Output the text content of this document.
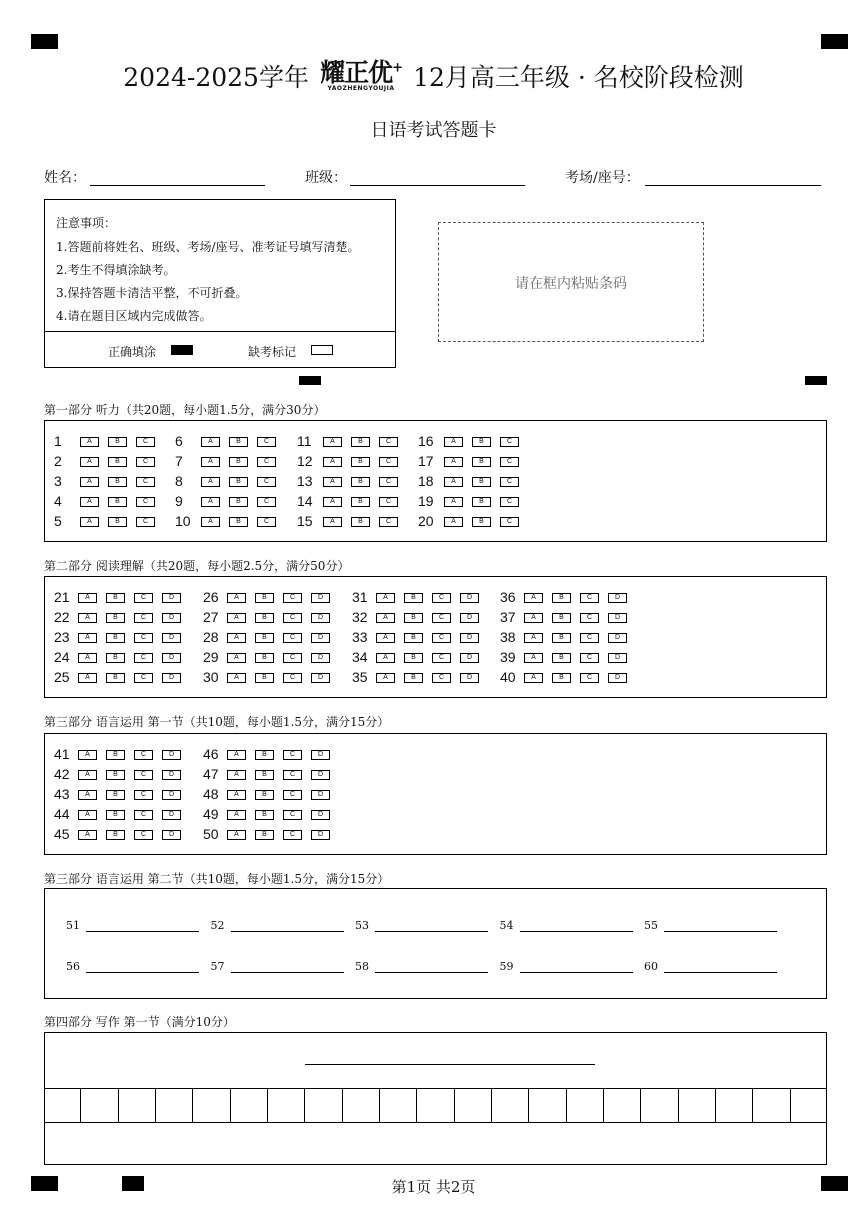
2024-2025学年 耀正优+
YAOZHENGYOUJIA 12月高三年级 · 名校阶段检测
日语考试答题卡
姓名：	班级：	考场/座号：
注意事项：
1.答题前将姓名、班级、考场/座号、准考证号填写清楚。
2.考生不得填涂缺考。
3.保持答题卡清洁平整，不可折叠。
4.请在题目区域内完成做答。
正确填涂	缺考标记
请在框内粘贴条码
第一部分 听力（共20题，每小题1.5分，满分30分）
1	A	B	C
2	A	B	C
3	A	B	C
4	A	B	C
5	A	B	C
6	A	B	C
7	A	B	C
8	A	B	C
9	A	B	C
10	A	B	C
11	A	B	C
12	A	B	C
13	A	B	C
14	A	B	C
15	A	B	C
16	A	B	C
17	A	B	C
18	A	B	C
19	A	B	C
20	A	B	C
第二部分 阅读理解（共20题，每小题2.5分，满分50分）
21 A	B	C	D
22 A	B	C	D
23 A	B	C	D
24 A	B	C	D
25 A	B	C	D
26 A	B	C	D
27 A	B	C	D
28 A	B	C	D
29 A	B	C	D
30 A	B	C	D
31 A	B	C	D
32 A	B	C	D
33 A	B	C	D
34 A	B	C	D
35 A	B	C	D
36 A	B	C	D
37 A	B	C	D
38 A	B	C	D
39 A	B	C	D
40 A	B	C	D
第三部分 语言运用 第一节（共10题，每小题1.5分，满分15分）
41 A	B	C	D
42 A	B	C	D
43 A	B	C	D
44 A	B	C	D
45 A	B	C	D
46 A	B	C	D
47 A	B	C	D
48 A	B	C	D
49 A	B	C	D
50 A	B	C	D
第三部分 语言运用 第二节（共10题，每小题1.5分，满分15分）
51	52	53	54	55
56	57	58	59	60
第四部分 写作 第一节（满分10分）
第1页 共2页
